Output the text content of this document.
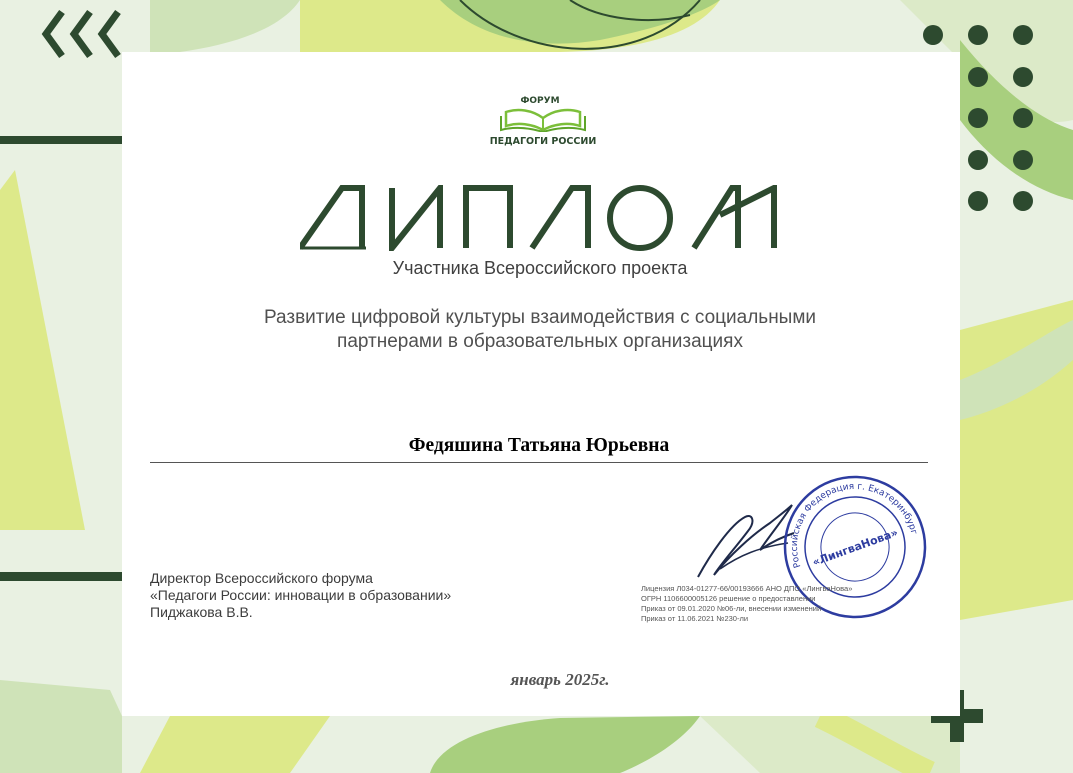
ФОРУМ
ПЕДАГОГИ РОССИИ
Участника Всероссийского проекта
Развитие цифровой культуры взаимодействия с социальными
партнерами в образовательных организациях
Федяшина Татьяна Юрьевна
Директор Всероссийского форума
«Педагоги России: инновации в образовании»
Пиджакова В.В.
Российская Федерация г. Екатеринбург
«ЛингваНова»
Лицензия Л034-01277-66/00193666 АНО ДПО «ЛингваНова»
ОГРН 1106600005126 решение о предоставлении
Приказ от 09.01.2020 №06-ли, внесении изменений
Приказ от 11.06.2021 №230-ли
январь 2025г.
